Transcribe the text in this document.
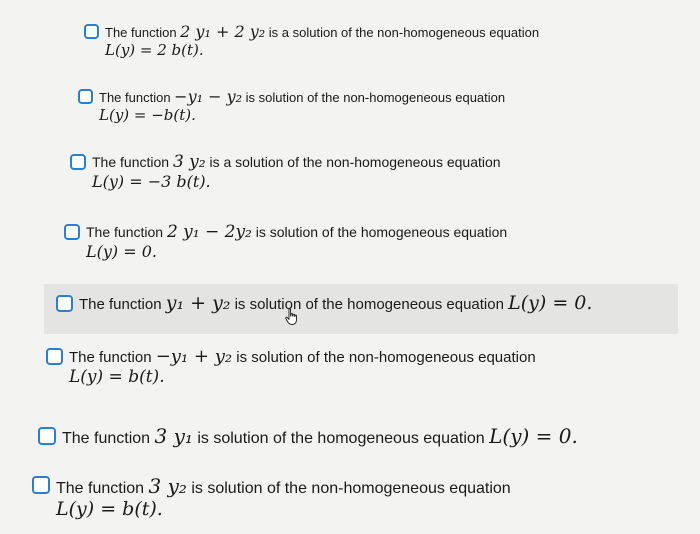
The function 2 y₁ + 2 y₂ is a solution of the non-homogeneous equation
L(y) = 2 b(t).
The function −y₁ − y₂ is solution of the non-homogeneous equation
L(y) = −b(t).
The function 3 y₂ is a solution of the non-homogeneous equation
L(y) = −3 b(t).
The function 2 y₁ − 2y₂ is solution of the homogeneous equation
L(y) = 0.
The function y₁ + y₂ is solution of the homogeneous equation L(y) = 0.
The function −y₁ + y₂ is solution of the non-homogeneous equation
L(y) = b(t).
The function 3 y₁ is solution of the homogeneous equation L(y) = 0.
The function 3 y₂ is solution of the non-homogeneous equation
L(y) = b(t).
